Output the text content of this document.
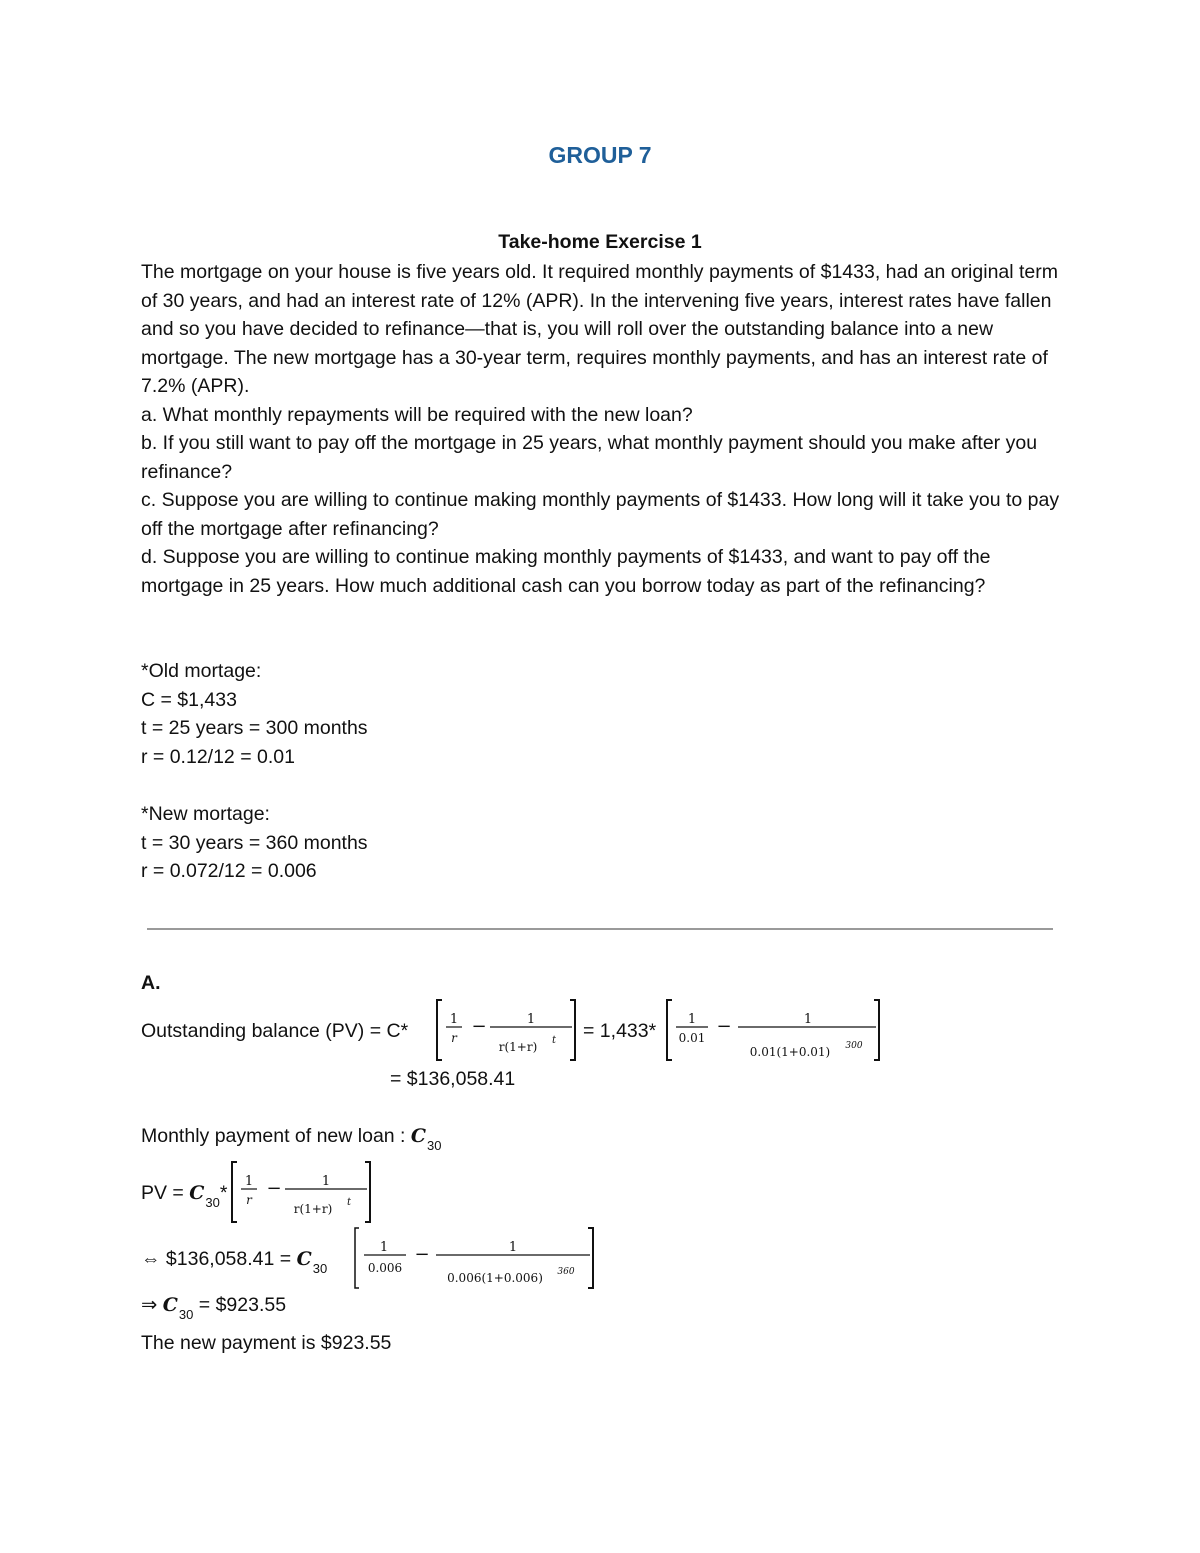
GROUP 7
Take-home Exercise 1

The mortgage on your house is five years old. It required monthly payments of $1433, had an original term of 30 years, and had an interest rate of 12% (APR). In the intervening five years, interest rates have fallen and so you have decided to refinance—that is, you will roll over the outstanding balance into a new mortgage. The new mortgage has a 30-year term, requires monthly payments, and has an interest rate of 7.2% (APR).

a. What monthly repayments will be required with the new loan?

b. If you still want to pay off the mortgage in 25 years, what monthly payment should you make after you refinance?

c. Suppose you are willing to continue making monthly payments of $1433. How long will it take you to pay off the mortgage after refinancing?

d. Suppose you are willing to continue making monthly payments of $1433, and want to pay off the mortgage in 25 years. How much additional cash can you borrow today as part of the refinancing?

*Old mortage:

C = $1,433

t = 25 years = 300 months

r = 0.12/12 = 0.01

*New mortage:

t = 30 years = 360 months

r = 0.072/12 = 0.006

A.
Outstanding balance (PV) = C*
1
r
−	1
r(1+r) t = 1,433*
1
0.01
−	1
0.01(1+0.01) 300
= $136,058.41
Monthly payment of new loan : $C_{30}$
PV = $C_{30}*$
1
r
−	1
r(1+r) t
⇔ $136,058.41 = $C_{30}$
1
0.006
−	1
0.006(1+0.006) 360
⇒ $C_{30}$ = $923.55
The new payment is $923.55
